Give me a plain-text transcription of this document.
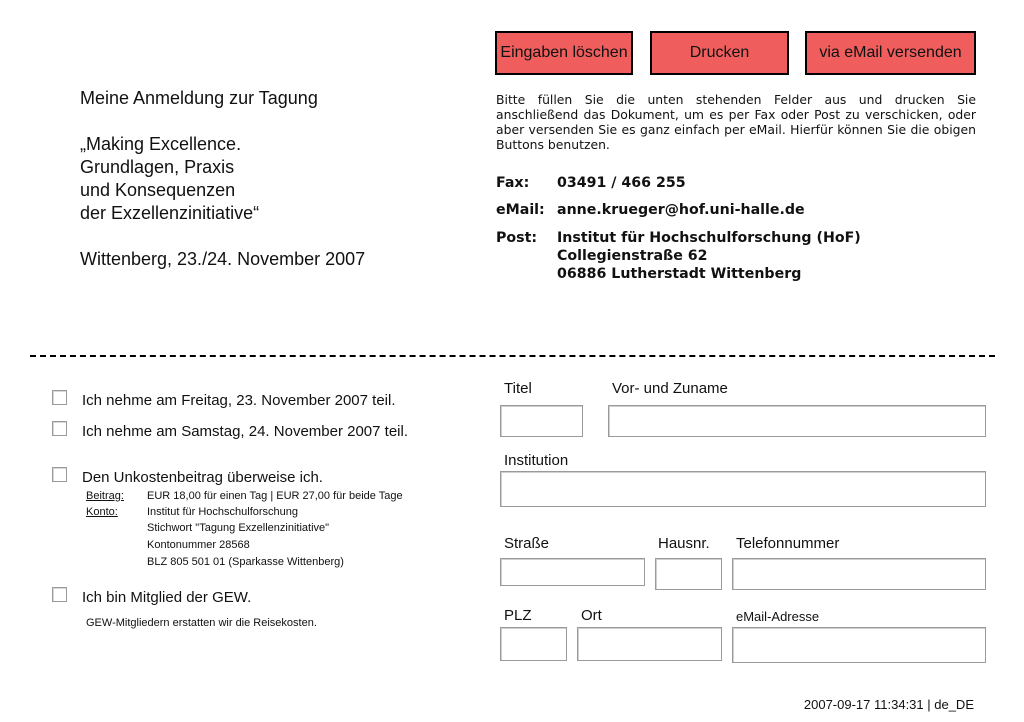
Eingaben löschen	Drucken	via eMail versenden
Meine Anmeldung zur Tagung
„Making Excellence.
Grundlagen, Praxis
und Konsequenzen
der Exzellenzinitiative“
Wittenberg, 23./24. November 2007
Bitte füllen Sie die unten stehenden Felder aus und drucken Sie anschließend das Dokument, um es per Fax oder Post zu verschicken, oder aber versenden Sie es ganz einfach per eMail. Hierfür können Sie die obigen Buttons benutzen.
Fax: 03491 / 466 255
eMail: anne.krueger@hof.uni-halle.de
Post: Institut für Hochschulforschung (HoF)
Collegienstraße 62
06886 Lutherstadt Wittenberg
Ich nehme am Freitag, 23. November 2007 teil.
Ich nehme am Samstag, 24. November 2007 teil.
Den Unkostenbeitrag überweise ich.
Beitrag: EUR 18,00 für einen Tag | EUR 27,00 für beide Tage
Konto:	Institut für Hochschulforschung
Stichwort "Tagung Exzellenzinitiative"
Kontonummer 28568
BLZ 805 501 01 (Sparkasse Wittenberg)
Ich bin Mitglied der GEW.
GEW-Mitgliedern erstatten wir die Reisekosten.
Titel	Vor- und Zuname
Institution
Straße	Hausnr. Telefonnummer
PLZ	Ort	eMail-Adresse
2007-09-17 11:34:31 | de_DE
